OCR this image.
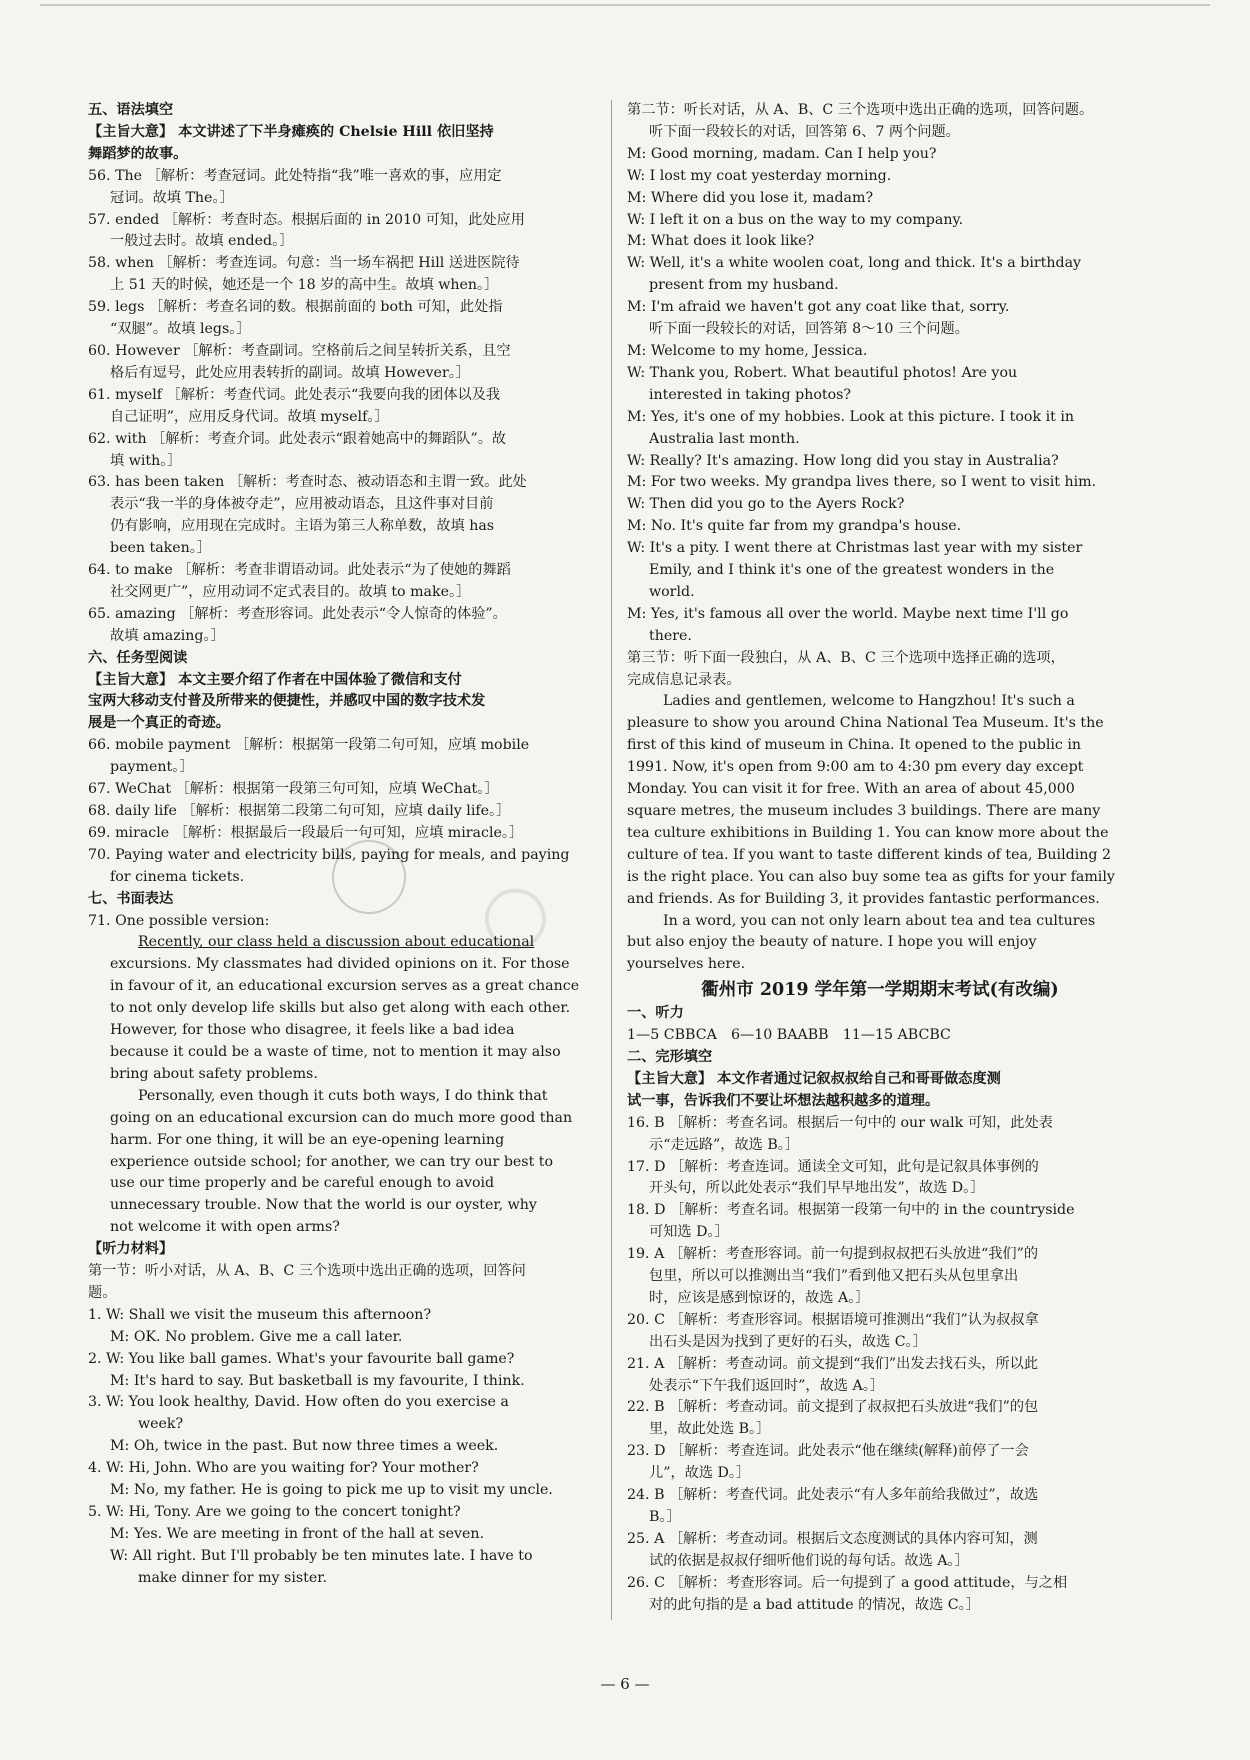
◯
五、语法填空
【主旨大意】 本文讲述了下半身瘫痪的 Chelsie Hill 依旧坚持
舞蹈梦的故事。
56. The ［解析：考查冠词。此处特指“我”唯一喜欢的事，应用定
冠词。故填 The。］
57. ended ［解析：考查时态。根据后面的 in 2010 可知，此处应用
一般过去时。故填 ended。］
58. when ［解析：考查连词。句意：当一场车祸把 Hill 送进医院待
上 51 天的时候，她还是一个 18 岁的高中生。故填 when。］
59. legs ［解析：考查名词的数。根据前面的 both 可知，此处指
“双腿”。故填 legs。］
60. However ［解析：考查副词。空格前后之间呈转折关系，且空
格后有逗号，此处应用表转折的副词。故填 However。］
61. myself ［解析：考查代词。此处表示“我要向我的团体以及我
自己证明”，应用反身代词。故填 myself。］
62. with ［解析：考查介词。此处表示“跟着她高中的舞蹈队”。故
填 with。］
63. has been taken ［解析：考查时态、被动语态和主谓一致。此处
表示“我一半的身体被夺走”，应用被动语态，且这件事对目前
仍有影响，应用现在完成时。主语为第三人称单数，故填 has
been taken。］
64. to make ［解析：考查非谓语动词。此处表示“为了使她的舞蹈
社交网更广”，应用动词不定式表目的。故填 to make。］
65. amazing ［解析：考查形容词。此处表示“令人惊奇的体验”。
故填 amazing。］
六、任务型阅读
【主旨大意】 本文主要介绍了作者在中国体验了微信和支付
宝两大移动支付普及所带来的便捷性，并感叹中国的数字技术发
展是一个真正的奇迹。
66. mobile payment ［解析：根据第一段第二句可知，应填 mobile
payment。］
67. WeChat ［解析：根据第一段第三句可知，应填 WeChat。］
68. daily life ［解析：根据第二段第二句可知，应填 daily life。］
69. miracle ［解析：根据最后一段最后一句可知，应填 miracle。］
70. Paying water and electricity bills, paying for meals, and paying
for cinema tickets.
七、书面表达
71. One possible version:
Recently, our class held a discussion about educational
excursions. My classmates had divided opinions on it. For those
in favour of it, an educational excursion serves as a great chance
to not only develop life skills but also get along with each other.
However, for those who disagree, it feels like a bad idea
because it could be a waste of time, not to mention it may also
bring about safety problems.
Personally, even though it cuts both ways, I do think that
going on an educational excursion can do much more good than
harm. For one thing, it will be an eye-opening learning
experience outside school; for another, we can try our best to
use our time properly and be careful enough to avoid
unnecessary trouble. Now that the world is our oyster, why
not welcome it with open arms?
【听力材料】
第一节：听小对话，从 A、B、C 三个选项中选出正确的选项，回答问
题。
1. W: Shall we visit the museum this afternoon?
M: OK. No problem. Give me a call later.
2. W: You like ball games. What's your favourite ball game?
M: It's hard to say. But basketball is my favourite, I think.
3. W: You look healthy, David. How often do you exercise a
week?
M: Oh, twice in the past. But now three times a week.
4. W: Hi, John. Who are you waiting for? Your mother?
M: No, my father. He is going to pick me up to visit my uncle.
5. W: Hi, Tony. Are we going to the concert tonight?
M: Yes. We are meeting in front of the hall at seven.
W: All right. But I'll probably be ten minutes late. I have to
make dinner for my sister.
第二节：听长对话，从 A、B、C 三个选项中选出正确的选项，回答问题。
听下面一段较长的对话，回答第 6、7 两个问题。
M: Good morning, madam. Can I help you?
W: I lost my coat yesterday morning.
M: Where did you lose it, madam?
W: I left it on a bus on the way to my company.
M: What does it look like?
W: Well, it's a white woolen coat, long and thick. It's a birthday
present from my husband.
M: I'm afraid we haven't got any coat like that, sorry.
听下面一段较长的对话，回答第 8～10 三个问题。
M: Welcome to my home, Jessica.
W: Thank you, Robert. What beautiful photos! Are you
interested in taking photos?
M: Yes, it's one of my hobbies. Look at this picture. I took it in
Australia last month.
W: Really? It's amazing. How long did you stay in Australia?
M: For two weeks. My grandpa lives there, so I went to visit him.
W: Then did you go to the Ayers Rock?
M: No. It's quite far from my grandpa's house.
W: It's a pity. I went there at Christmas last year with my sister
Emily, and I think it's one of the greatest wonders in the
world.
M: Yes, it's famous all over the world. Maybe next time I'll go
there.
第三节：听下面一段独白，从 A、B、C 三个选项中选择正确的选项，
完成信息记录表。
Ladies and gentlemen, welcome to Hangzhou! It's such a
pleasure to show you around China National Tea Museum. It's the
first of this kind of museum in China. It opened to the public in
1991. Now, it's open from 9:00 am to 4:30 pm every day except
Monday. You can visit it for free. With an area of about 45,000
square metres, the museum includes 3 buildings. There are many
tea culture exhibitions in Building 1. You can know more about the
culture of tea. If you want to taste different kinds of tea, Building 2
is the right place. You can also buy some tea as gifts for your family
and friends. As for Building 3, it provides fantastic performances.
In a word, you can not only learn about tea and tea cultures
but also enjoy the beauty of nature. I hope you will enjoy
yourselves here.
衢州市 2019 学年第一学期期末考试(有改编)
一、听力
1—5 CBBCA　6—10 BAABB　11—15 ABCBC
二、完形填空
【主旨大意】 本文作者通过记叙叔叔给自己和哥哥做态度测
试一事，告诉我们不要让坏想法越积越多的道理。
16. B ［解析：考查名词。根据后一句中的 our walk 可知，此处表
示“走远路”，故选 B。］
17. D ［解析：考查连词。通读全文可知，此句是记叙具体事例的
开头句，所以此处表示“我们早早地出发”，故选 D。］
18. D ［解析：考查名词。根据第一段第一句中的 in the countryside
可知选 D。］
19. A ［解析：考查形容词。前一句提到叔叔把石头放进“我们”的
包里，所以可以推测出当“我们”看到他又把石头从包里拿出
时，应该是感到惊讶的，故选 A。］
20. C ［解析：考查形容词。根据语境可推测出“我们”认为叔叔拿
出石头是因为找到了更好的石头，故选 C。］
21. A ［解析：考查动词。前文提到“我们”出发去找石头，所以此
处表示“下午我们返回时”，故选 A。］
22. B ［解析：考查动词。前文提到了叔叔把石头放进“我们”的包
里，故此处选 B。］
23. D ［解析：考查连词。此处表示“他在继续(解释)前停了一会
儿”，故选 D。］
24. B ［解析：考查代词。此处表示“有人多年前给我做过”，故选
B。］
25. A ［解析：考查动词。根据后文态度测试的具体内容可知，测
试的依据是叔叔仔细听他们说的每句话。故选 A。］
26. C ［解析：考查形容词。后一句提到了 a good attitude，与之相
对的此句指的是 a bad attitude 的情况，故选 C。］
— 6 —
